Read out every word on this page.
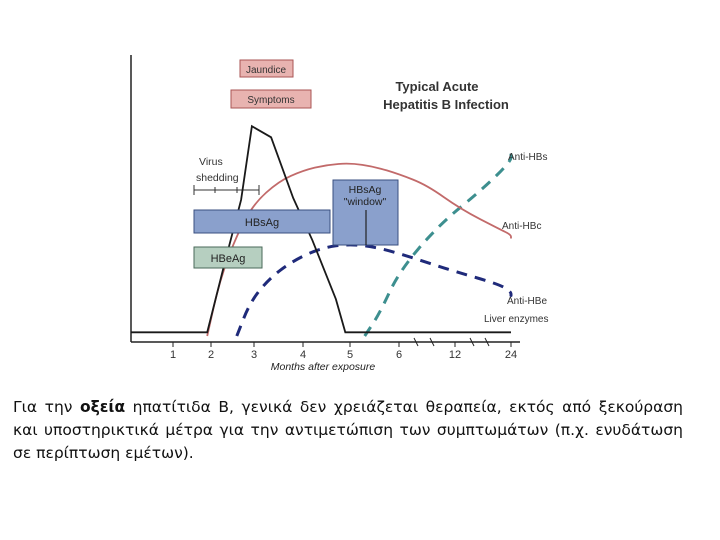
1	2	3	4	5	6	12	24
Months after exposure
Typical Acute
Hepatitis B Infection
Jaundice
Symptoms
Virus
shedding
HBsAg
HBeAg
HBsAg
"window"
Anti-HBs
Anti-HBc
Anti-HBe
Liver enzymes
Για την οξεία ηπατίτιδα Β, γενικά δεν χρειάζεται θεραπεία, εκτός από ξεκούραση και υποστηρικτικά μέτρα για την αντιμετώπιση των συμπτωμάτων (π.χ. ενυδάτωση σε περίπτωση εμέτων).
